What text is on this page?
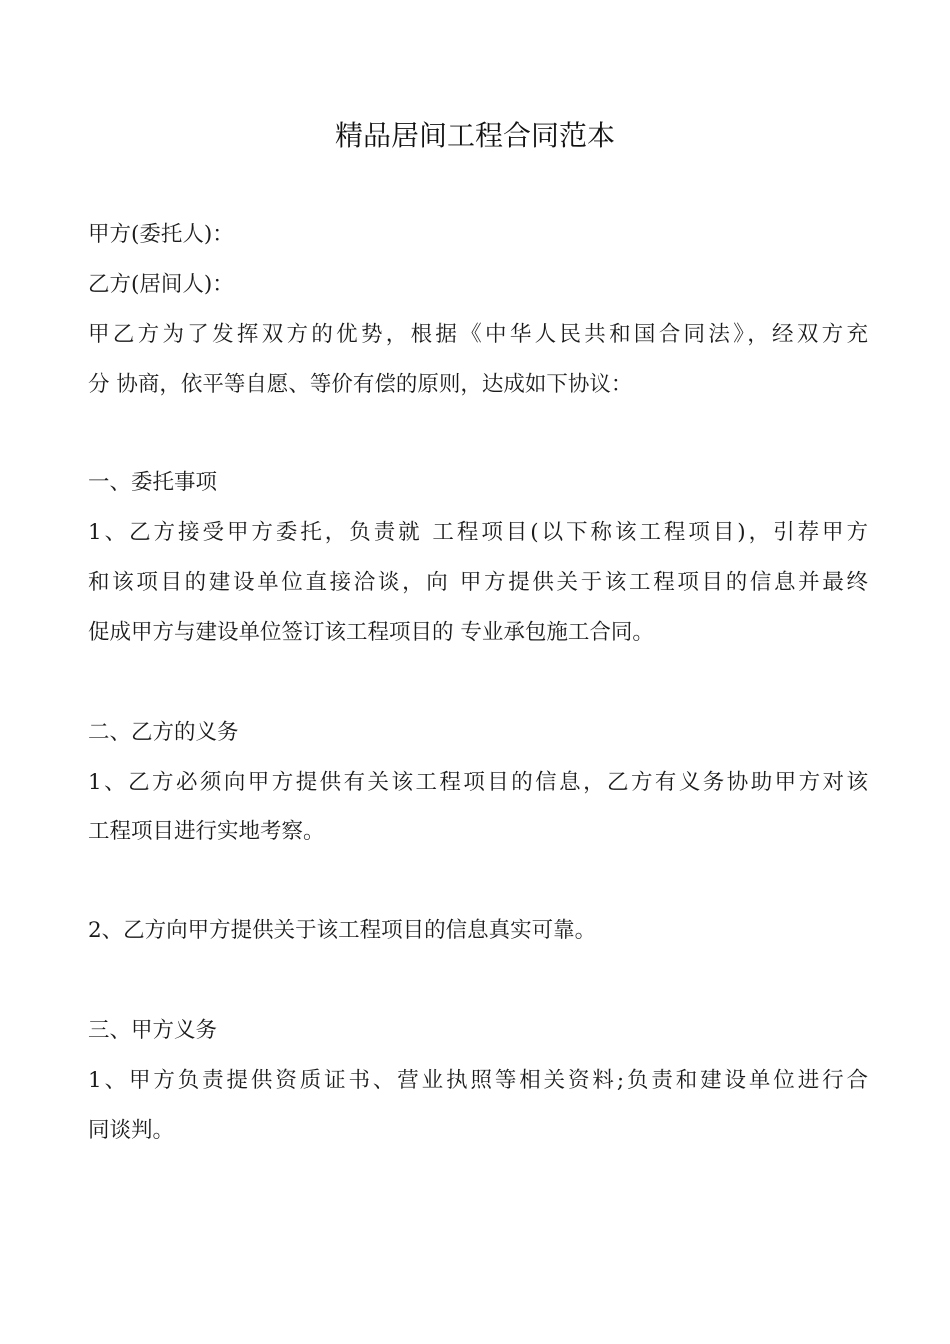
精品居间工程合同范本
甲方(委托人)：
乙方(居间人)：
甲乙方为了发挥双方的优势，根据《中华人民共和国合同法》，经双方充
分 协商，依平等自愿、等价有偿的原则，达成如下协议：
一、委托事项
1、乙方接受甲方委托，负责就 工程项目(以下称该工程项目)，引荐甲方
和该项目的建设单位直接洽谈，向 甲方提供关于该工程项目的信息并最终
促成甲方与建设单位签订该工程项目的 专业承包施工合同。
二、乙方的义务
1、乙方必须向甲方提供有关该工程项目的信息，乙方有义务协助甲方对该
工程项目进行实地考察。
2、乙方向甲方提供关于该工程项目的信息真实可靠。
三、甲方义务
1、甲方负责提供资质证书、营业执照等相关资料;负责和建设单位进行合
同谈判。
